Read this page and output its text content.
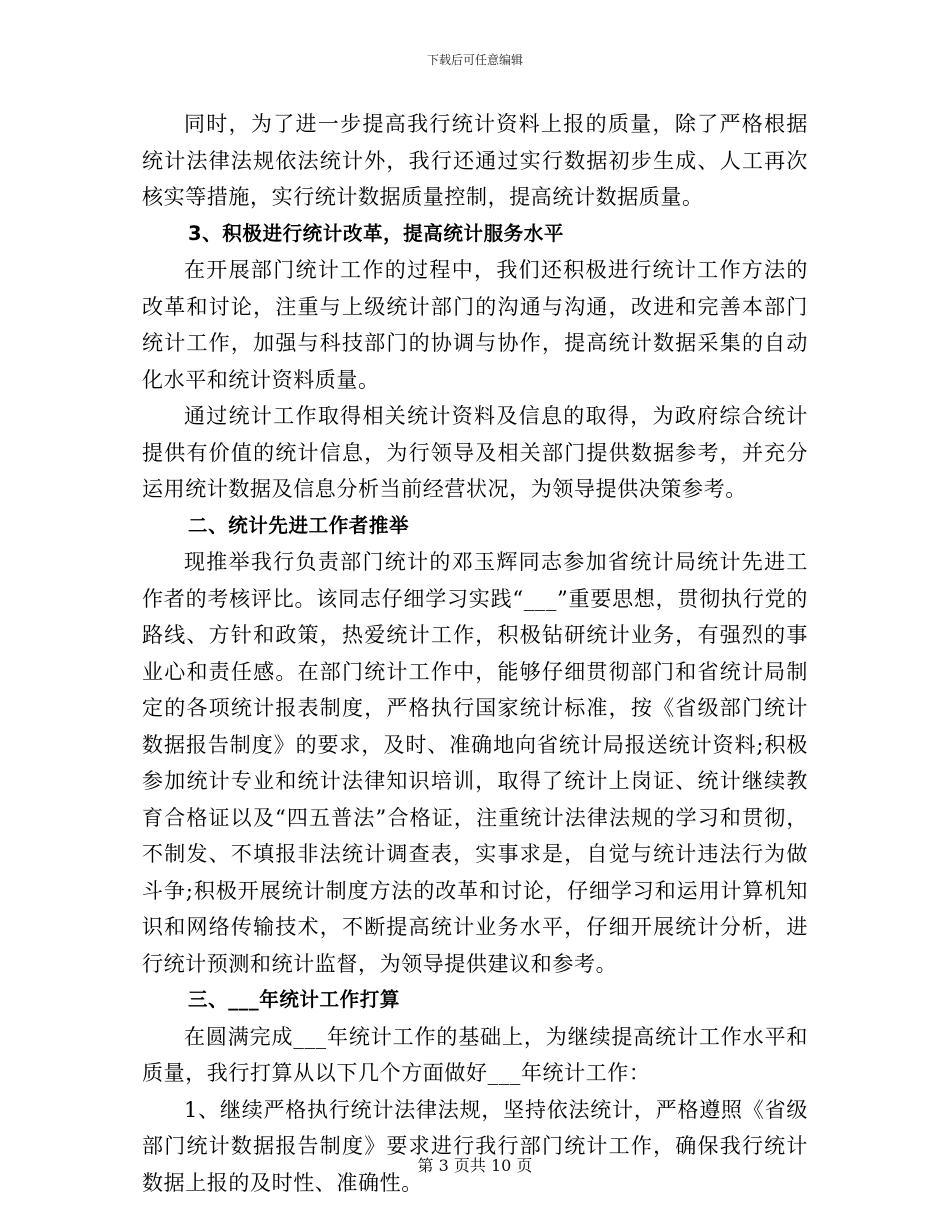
下载后可任意编辑

同时，为了进一步提高我行统计资料上报的质量，除了严格根据统计法律法规依法统计外，我行还通过实行数据初步生成、人工再次核实等措施，实行统计数据质量控制，提高统计数据质量。

3、积极进行统计改革，提高统计服务水平

在开展部门统计工作的过程中，我们还积极进行统计工作方法的改革和讨论，注重与上级统计部门的沟通与沟通，改进和完善本部门统计工作，加强与科技部门的协调与协作，提高统计数据采集的自动化水平和统计资料质量。

通过统计工作取得相关统计资料及信息的取得，为政府综合统计提供有价值的统计信息，为行领导及相关部门提供数据参考，并充分运用统计数据及信息分析当前经营状况，为领导提供决策参考。

二、统计先进工作者推举

现推举我行负责部门统计的邓玉辉同志参加省统计局统计先进工作者的考核评比。该同志仔细学习实践“___”重要思想，贯彻执行党的路线、方针和政策，热爱统计工作，积极钻研统计业务，有强烈的事业心和责任感。在部门统计工作中，能够仔细贯彻部门和省统计局制定的各项统计报表制度，严格执行国家统计标准，按《省级部门统计数据报告制度》的要求，及时、准确地向省统计局报送统计资料;积极参加统计专业和统计法律知识培训，取得了统计上岗证、统计继续教育合格证以及“四五普法”合格证，注重统计法律法规的学习和贯彻，不制发、不填报非法统计调查表，实事求是，自觉与统计违法行为做斗争;积极开展统计制度方法的改革和讨论，仔细学习和运用计算机知识和网络传输技术，不断提高统计业务水平，仔细开展统计分析，进行统计预测和统计监督，为领导提供建议和参考。

三、___年统计工作打算

在圆满完成___年统计工作的基础上，为继续提高统计工作水平和质量，我行打算从以下几个方面做好___年统计工作：

1、继续严格执行统计法律法规，坚持依法统计，严格遵照《省级部门统计数据报告制度》要求进行我行部门统计工作，确保我行统计数据上报的及时性、准确性。

第 3 页共 10 页
